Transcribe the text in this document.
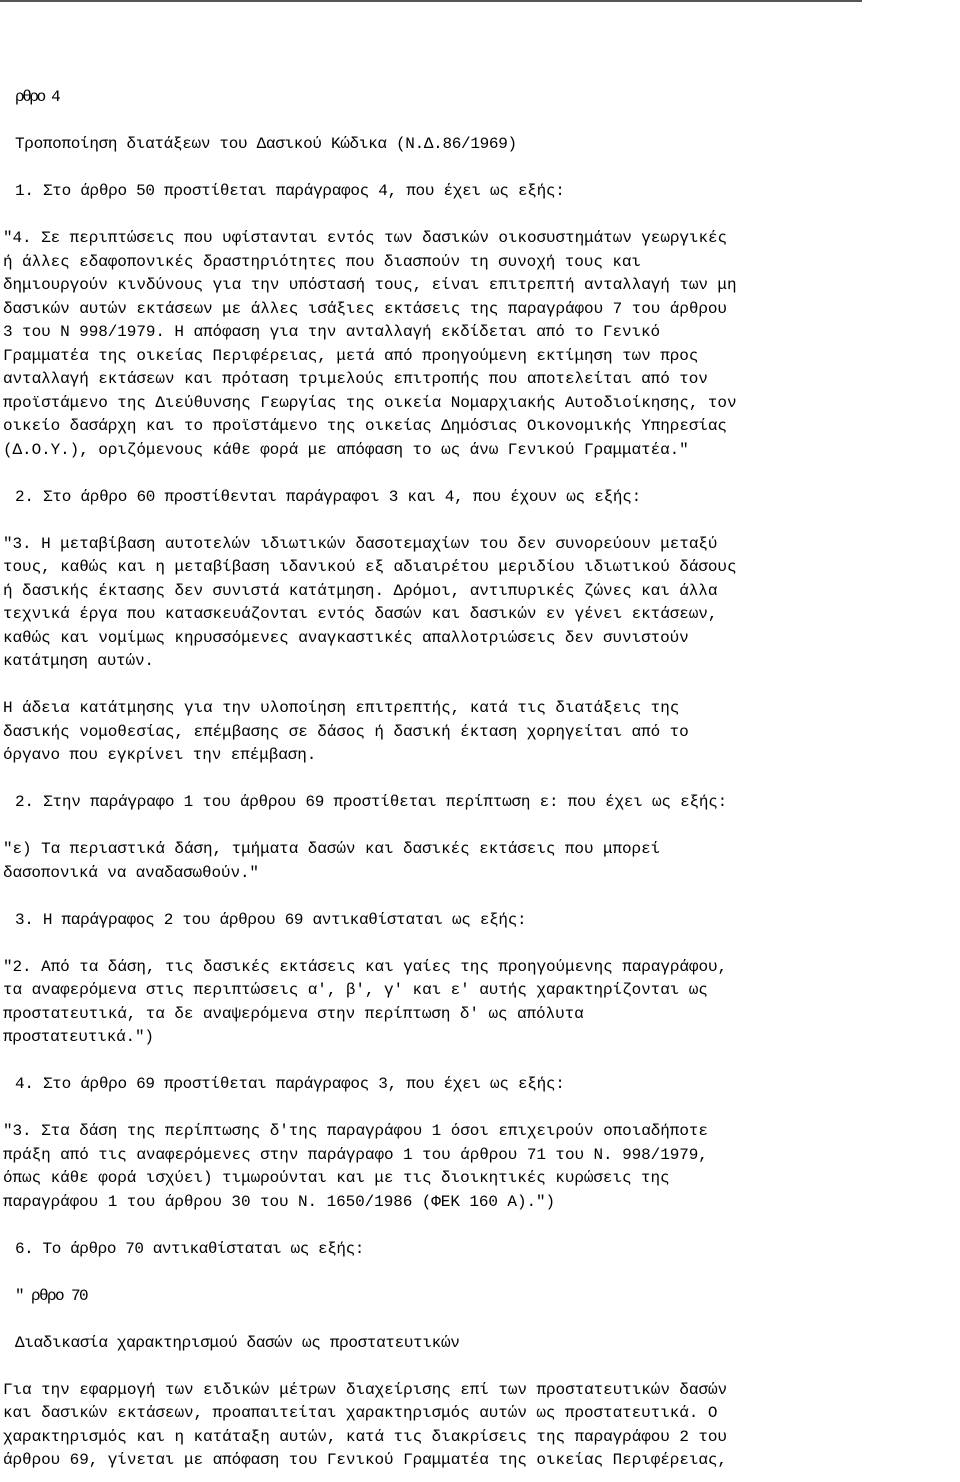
ρθρο 4
Τροποποίηση διατάξεων του Δασικού Κώδικα (Ν.Δ.86/1969)
1. Στο άρθρο 50 προστίθεται παράγραφος 4, που έχει ως εξής:
"4. Σε περιπτώσεις που υφίστανται εντός των δασικών οικοσυστημάτων γεωργικές
ή άλλες εδαφοπονικές δραστηριότητες που διασπούν τη συνοχή τους και
δημιουργούν κινδύνους για την υπόστασή τους, είναι επιτρεπτή ανταλλαγή των μη
δασικών αυτών εκτάσεων με άλλες ισάξιες εκτάσεις της παραγράφου 7 του άρθρου
3 του Ν 998/1979. Η απόφαση για την ανταλλαγή εκδίδεται από το Γενικό
Γραμματέα της οικείας Περιφέρειας, μετά από προηγούμενη εκτίμηση των προς
ανταλλαγή εκτάσεων και πρόταση τριμελούς επιτροπής που αποτελείται από τον
προϊστάμενο της Διεύθυνσης Γεωργίας της οικεία Νομαρχιακής Αυτοδιοίκησης, τον
οικείο δασάρχη και το προϊστάμενο της οικείας Δημόσιας Οικονομικής Υπηρεσίας
(Δ.Ο.Υ.), οριζόμενους κάθε φορά με απόφαση το ως άνω Γενικού Γραμματέα."
2. Στο άρθρο 60 προστίθενται παράγραφοι 3 και 4, που έχουν ως εξής:
"3. Η μεταβίβαση αυτοτελών ιδιωτικών δασοτεμαχίων του δεν συνορεύουν μεταξύ
τους, καθώς και η μεταβίβαση ιδανικού εξ αδιαιρέτου μεριδίου ιδιωτικού δάσους
ή δασικής έκτασης δεν συνιστά κατάτμηση. Δρόμοι, αντιπυρικές ζώνες και άλλα
τεχνικά έργα που κατασκευάζονται εντός δασών και δασικών εν γένει εκτάσεων,
καθώς και νομίμως κηρυσσόμενες αναγκαστικές απαλλοτριώσεις δεν συνιστούν
κατάτμηση αυτών.
Η άδεια κατάτμησης για την υλοποίηση επιτρεπτής, κατά τις διατάξεις της
δασικής νομοθεσίας, επέμβασης σε δάσος ή δασική έκταση χορηγείται από το
όργανο που εγκρίνει την επέμβαση.
2. Στην παράγραφο 1 του άρθρου 69 προστίθεται περίπτωση ε: που έχει ως εξής:
"ε) Τα περιαστικά δάση, τμήματα δασών και δασικές εκτάσεις που μπορεί
δασοπονικά να αναδασωθούν."
3. Η παράγραφος 2 του άρθρου 69 αντικαθίσταται ως εξής:
"2. Από τα δάση, τις δασικές εκτάσεις και γαίες της προηγούμενης παραγράφου,
τα αναφερόμενα στις περιπτώσεις α', β', γ' και ε' αυτής χαρακτηρίζονται ως
προστατευτικά, τα δε αναψερόμενα στην περίπτωση δ' ως απόλυτα
προστατευτικά.")
4. Στο άρθρο 69 προστίθεται παράγραφος 3, που έχει ως εξής:
"3. Στα δάση της περίπτωσης δ'της παραγράφου 1 όσοι επιχειρούν οποιαδήποτε
πράξη από τις αναφερόμενες στην παράγραφο 1 του άρθρου 71 του Ν. 998/1979,
όπως κάθε φορά ισχύει) τιμωρούνται και με τις διοικητικές κυρώσεις της
παραγράφου 1 του άρθρου 30 του Ν. 1650/1986 (ΦΕΚ 160 Α).")
6. Το άρθρο 70 αντικαθίσταται ως εξής:
" ρθρο 70
Διαδικασία χαρακτηρισμού δασών ως προστατευτικών
Για την εφαρμογή των ειδικών μέτρων διαχείρισης επί των προστατευτικών δασών
και δασικών εκτάσεων, προαπαιτείται χαρακτηρισμός αυτών ως προστατευτικά. Ο
χαρακτηρισμός και η κατάταξη αυτών, κατά τις διακρίσεις της παραγράφου 2 του
άρθρου 69, γίνεται με απόφαση του Γενικού Γραμματέα της οικείας Περιφέρειας,
